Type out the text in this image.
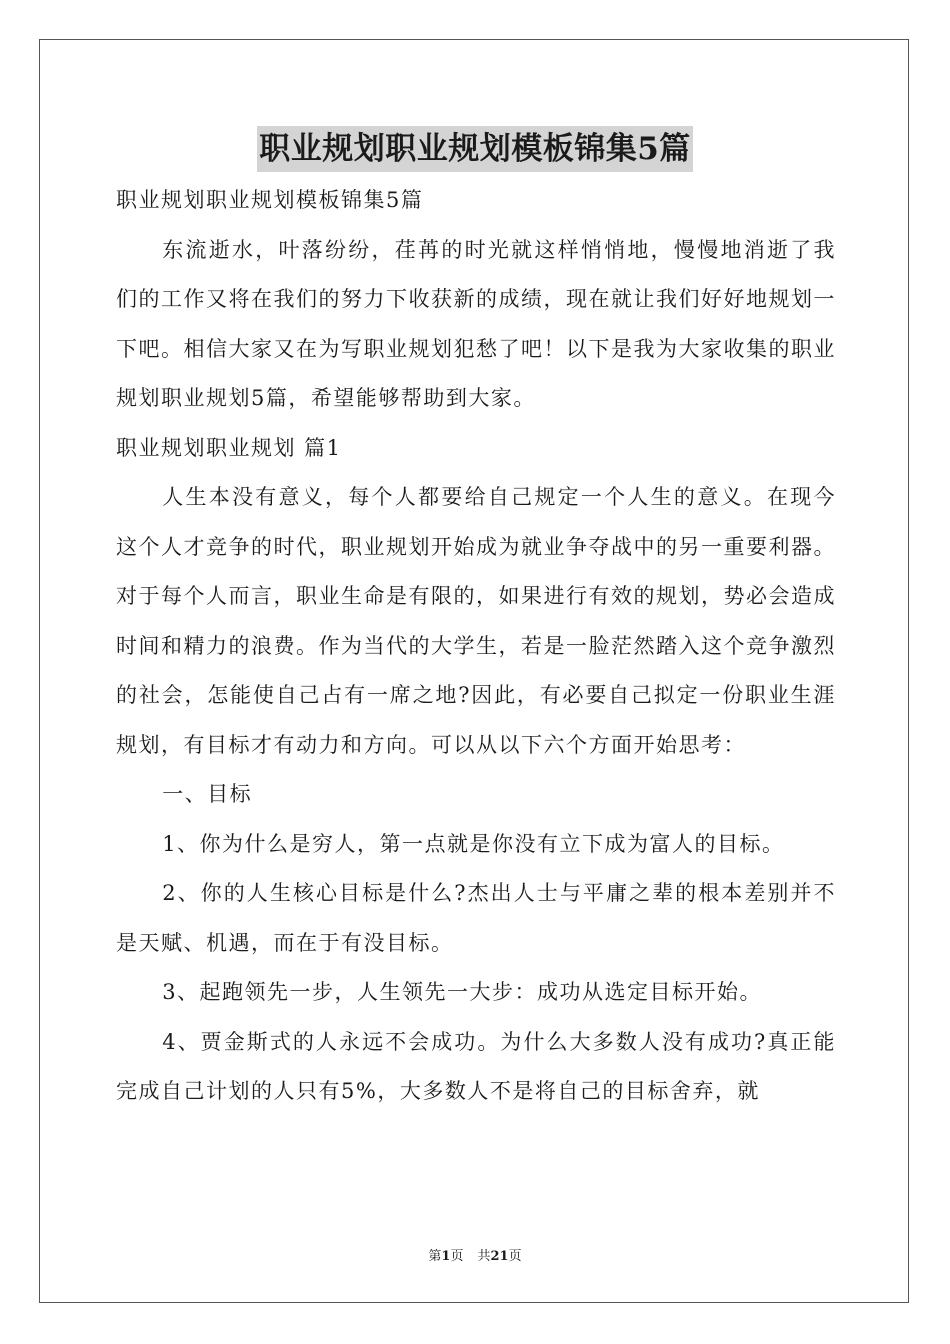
职业规划职业规划模板锦集5篇

职业规划职业规划模板锦集5篇

东流逝水，叶落纷纷，荏苒的时光就这样悄悄地，慢慢地消逝了我们的工作又将在我们的努力下收获新的成绩，现在就让我们好好地规划一下吧。相信大家又在为写职业规划犯愁了吧！以下是我为大家收集的职业规划职业规划5篇，希望能够帮助到大家。

职业规划职业规划 篇1

人生本没有意义，每个人都要给自己规定一个人生的意义。在现今这个人才竞争的时代，职业规划开始成为就业争夺战中的另一重要利器。对于每个人而言，职业生命是有限的，如果进行有效的规划，势必会造成时间和精力的浪费。作为当代的大学生，若是一脸茫然踏入这个竞争激烈的社会，怎能使自己占有一席之地?因此，有必要自己拟定一份职业生涯规划，有目标才有动力和方向。可以从以下六个方面开始思考：

一、目标

1、你为什么是穷人，第一点就是你没有立下成为富人的目标。

2、你的人生核心目标是什么?杰出人士与平庸之辈的根本差别并不是天赋、机遇，而在于有没目标。

3、起跑领先一步，人生领先一大步：成功从选定目标开始。

4、贾金斯式的人永远不会成功。为什么大多数人没有成功?真正能完成自己计划的人只有5%，大多数人不是将自己的目标舍弃，就

第1页 共21页
